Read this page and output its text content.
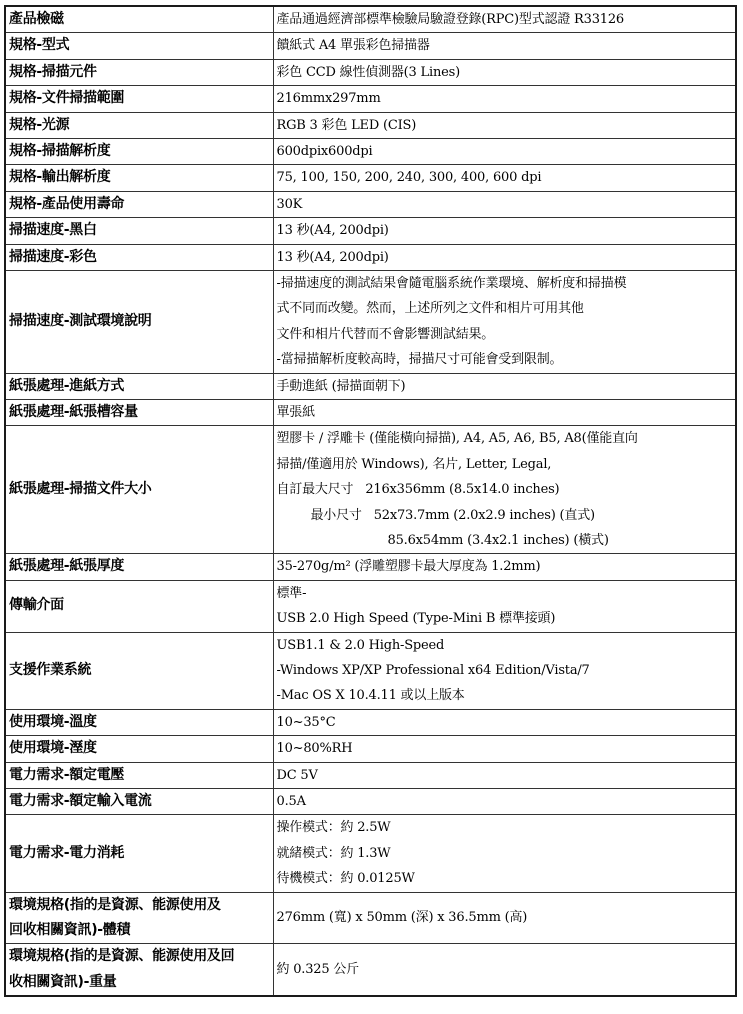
產品檢磁	產品通過經濟部標準檢驗局驗證登錄(RPC)型式認證 R33126
規格-型式	饋紙式 A4 單張彩色掃描器
規格-掃描元件	彩色 CCD 線性偵測器(3 Lines)
規格-文件掃描範圍	216mmx297mm
規格-光源	RGB 3 彩色 LED (CIS)
規格-掃描解析度	600dpix600dpi
規格-輸出解析度	75, 100, 150, 200, 240, 300, 400, 600 dpi
規格-產品使用壽命	30K
掃描速度-黑白	13 秒(A4, 200dpi)
掃描速度-彩色	13 秒(A4, 200dpi)
掃描速度-測試環境說明	-掃描速度的測試結果會隨電腦系統作業環境、解析度和掃描模
式不同而改變。然而，上述所列之文件和相片可用其他
文件和相片代替而不會影響測試結果。
-當掃描解析度較高時，掃描尺寸可能會受到限制。

紙張處理-進紙方式	手動進紙 (掃描面朝下)
紙張處理-紙張槽容量	單張紙
紙張處理-掃描文件大小	塑膠卡 / 浮雕卡 (僅能橫向掃描), A4, A5, A6, B5, A8(僅能直向
掃描/僅適用於 Windows), 名片, Letter, Legal,
自訂最大尺寸 216x356mm (8.5x14.0 inches)
最小尺寸 52x73.7mm (2.0x2.9 inches) (直式)
85.6x54mm (3.4x2.1 inches) (橫式)

紙張處理-紙張厚度	35-270g/m² (浮雕塑膠卡最大厚度為 1.2mm)
傳輸介面	標準-
USB 2.0 High Speed (Type-Mini B 標準接頭)

支援作業系統	USB1.1 & 2.0 High-Speed
-Windows XP/XP Professional x64 Edition/Vista/7
-Mac OS X 10.4.11 或以上版本

使用環境-溫度	10~35°C
使用環境-溼度	10~80%RH
電力需求-額定電壓	DC 5V
電力需求-額定輸入電流	0.5A
電力需求-電力消耗	操作模式：約 2.5W
就緒模式：約 1.3W
待機模式：約 0.0125W

環境規格(指的是資源、能源使用及
回收相關資訊)-體積	276mm (寬) x 50mm (深) x 36.5mm (高)

環境規格(指的是資源、能源使用及回
收相關資訊)-重量	約 0.325 公斤
